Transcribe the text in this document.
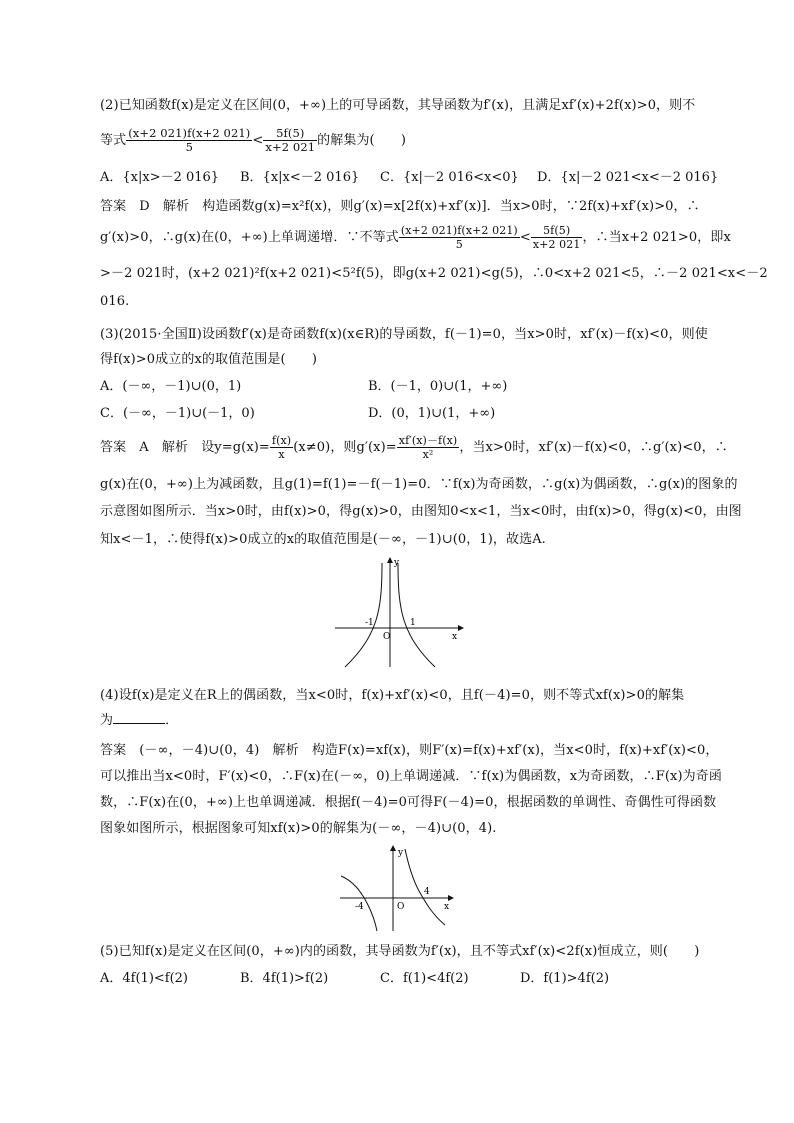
(2)已知函数f(x)是定义在区间(0，+∞)上的可导函数，其导函数为f′(x)，且满足xf′(x)+2f(x)>0，则不
等式 $\frac{(x+2 021)f(x+2 021)}{5} < \frac{5f(5)}{x+2 021}$ 的解集为(　　)
A．{x|x>－2 016} B．{x|x<－2 016} C．{x|－2 016<x<0} D．{x|－2 021<x<－2 016}
答案　D　解析　构造函数g(x)=x²f(x)，则g′(x)=x[2f(x)+xf′(x)]．当x>0时，∵2f(x)+xf′(x)>0，∴
g′(x)>0，∴g(x)在(0，+∞)上单调递增．∵不等式 $\frac{(x+2 021)f(x+2 021)}{5} < \frac{5f(5)}{x+2 021}$ ，∴当x+2 021>0，即x
>－2 021时，(x+2 021)²f(x+2 021)<5²f(5)，即g(x+2 021)<g(5)，∴0<x+2 021<5，∴－2 021<x<－2
016.
(3)(2015·全国Ⅱ)设函数f′(x)是奇函数f(x)(x∈R)的导函数，f(－1)=0，当x>0时，xf′(x)－f(x)<0，则使
得f(x)>0成立的x的取值范围是(　　)
A．(－∞，－1)∪(0，1)	B．(－1，0)∪(1，+∞)
C．(－∞，－1)∪(－1，0)	D．(0，1)∪(1，+∞)
答案　A　解析　设$y=g(x)= \frac{f(x)}{x} (x\ne 0)$，则$g'(x)= \frac{xf'(x)-f(x)}{\text{x²}}$ ，当x>0时，xf′(x)－f(x)<0，∴g′(x)<0，∴
g(x)在(0，+∞)上为减函数，且g(1)=f(1)=－f(－1)=0．∵f(x)为奇函数，∴g(x)为偶函数，∴g(x)的图象的
示意图如图所示．当x>0时，由f(x)>0，得g(x)>0，由图知0<x<1，当x<0时，由f(x)>0，得g(x)<0，由图
知x<－1，∴使得f(x)>0成立的x的取值范围是(－∞，－1)∪(0，1)，故选A.
y
x
O
-1	1
(4)设f(x)是定义在R上的偶函数，当x<0时，f(x)+xf′(x)<0，且f(－4)=0，则不等式xf(x)>0的解集
为	．
答案　(－∞，－4)∪(0，4)　解析　构造F(x)=xf(x)，则F′(x)=f(x)+xf′(x)，当x<0时，f(x)+xf′(x)<0，
可以推出当x<0时，F′(x)<0，∴F(x)在(－∞，0)上单调递减．∵f(x)为偶函数，x为奇函数，∴F(x)为奇函
数，∴F(x)在(0，+∞)上也单调递减．根据f(－4)=0可得F(－4)=0，根据函数的单调性、奇偶性可得函数
图象如图所示，根据图象可知xf(x)>0的解集为(－∞，－4)∪(0，4).
y
x
O
-4
4
(5)已知f(x)是定义在区间(0，+∞)内的函数，其导函数为f′(x)，且不等式xf′(x)<2f(x)恒成立，则(　　)
A．4f(1)<f(2)	B．4f(1)>f(2)	C．f(1)<4f(2)	D．f(1)>4f(2)
